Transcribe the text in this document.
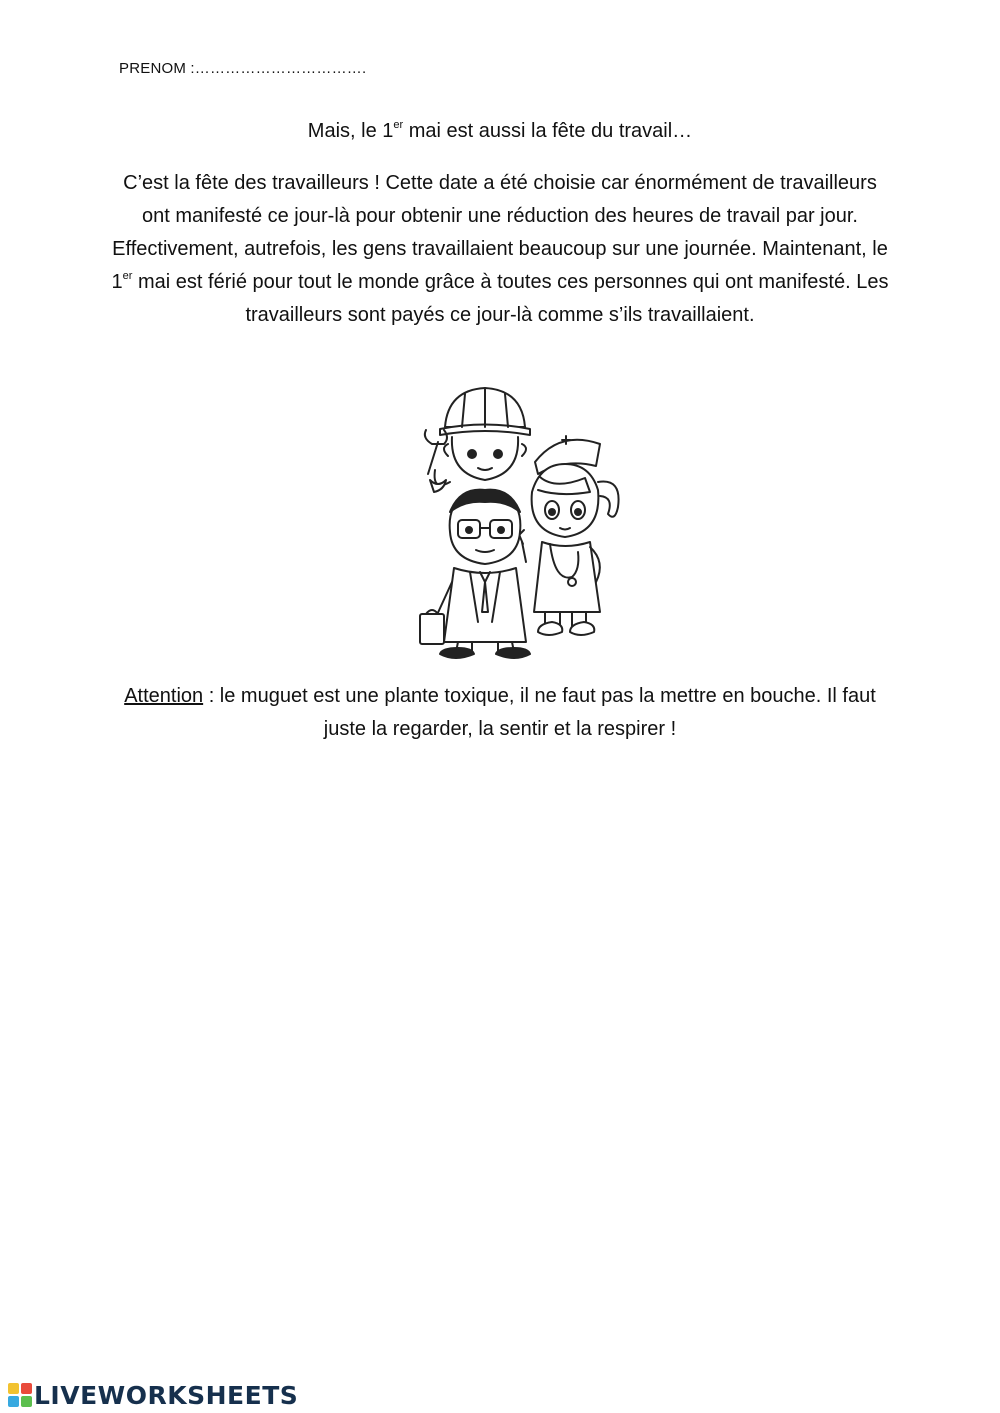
PRENOM :…………………………….
Mais, le 1er mai est aussi la fête du travail…
C’est la fête des travailleurs ! Cette date a été choisie car énormément de travailleurs ont manifesté ce jour-là pour obtenir une réduction des heures de travail par jour. Effectivement, autrefois, les gens travaillaient beaucoup sur une journée. Maintenant, le 1er mai est férié pour tout le monde grâce à toutes ces personnes qui ont manifesté. Les travailleurs sont payés ce jour-là comme s’ils travaillaient.
Attention : le muguet est une plante toxique, il ne faut pas la mettre en bouche. Il faut juste la regarder, la sentir et la respirer !
LIVEWORKSHEETS
